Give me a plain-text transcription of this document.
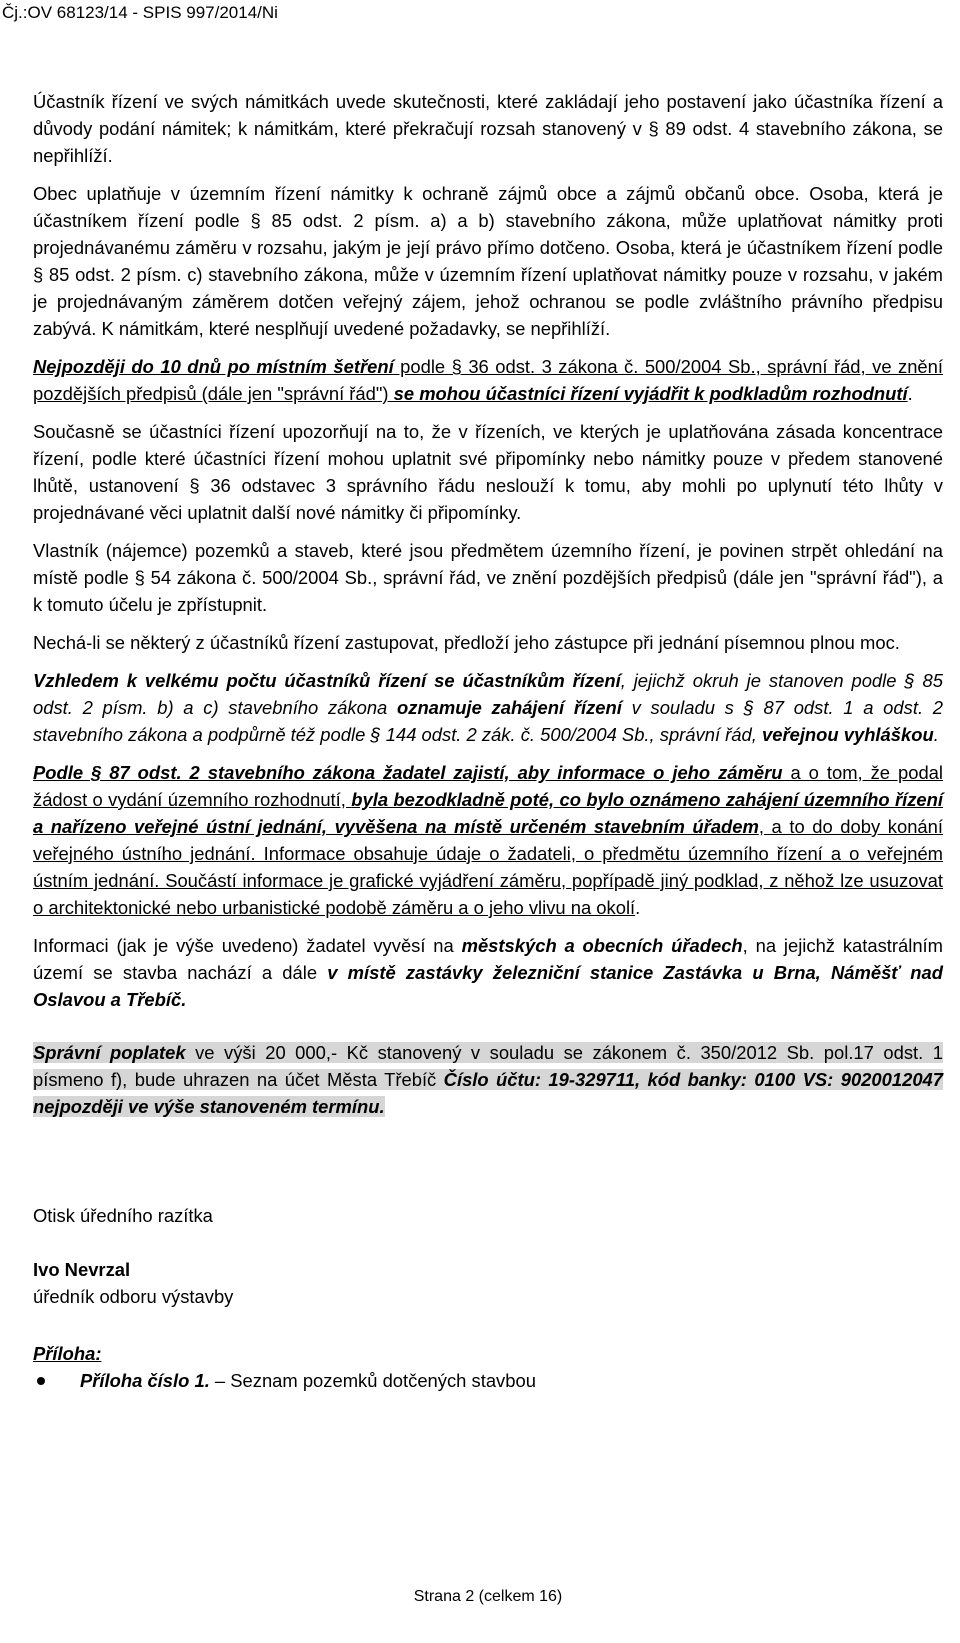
Čj.:OV 68123/14 - SPIS 997/2014/Ni

Účastník řízení ve svých námitkách uvede skutečnosti, které zakládají jeho postavení jako účastníka řízení a důvody podání námitek; k námitkám, které překračují rozsah stanovený v § 89 odst. 4 stavebního zákona, se nepřihlíží.

Obec uplatňuje v územním řízení námitky k ochraně zájmů obce a zájmů občanů obce. Osoba, která je účastníkem řízení podle § 85 odst. 2 písm. a) a b) stavebního zákona, může uplatňovat námitky proti projednávanému záměru v rozsahu, jakým je její právo přímo dotčeno. Osoba, která je účastníkem řízení podle § 85 odst. 2 písm. c) stavebního zákona, může v územním řízení uplatňovat námitky pouze v rozsahu, v jakém je projednávaným záměrem dotčen veřejný zájem, jehož ochranou se podle zvláštního právního předpisu zabývá. K námitkám, které nesplňují uvedené požadavky, se nepřihlíží.

Nejpozději do 10 dnů po místním šetření podle § 36 odst. 3 zákona č. 500/2004 Sb., správní řád, ve znění pozdějších předpisů (dále jen "správní řád") se mohou účastníci řízení vyjádřit k podkladům rozhodnutí.

Současně se účastníci řízení upozorňují na to, že v řízeních, ve kterých je uplatňována zásada koncentrace řízení, podle které účastníci řízení mohou uplatnit své připomínky nebo námitky pouze v předem stanovené lhůtě, ustanovení § 36 odstavec 3 správního řádu neslouží k tomu, aby mohli po uplynutí této lhůty v projednávané věci uplatnit další nové námitky či připomínky.

Vlastník (nájemce) pozemků a staveb, které jsou předmětem územního řízení, je povinen strpět ohledání na místě podle § 54 zákona č. 500/2004 Sb., správní řád, ve znění pozdějších předpisů (dále jen "správní řád"), a k tomuto účelu je zpřístupnit.

Nechá-li se některý z účastníků řízení zastupovat, předloží jeho zástupce při jednání písemnou plnou moc.

Vzhledem k velkému počtu účastníků řízení se účastníkům řízení, jejichž okruh je stanoven podle § 85 odst. 2 písm. b) a c) stavebního zákona oznamuje zahájení řízení v souladu s § 87 odst. 1 a odst. 2 stavebního zákona a podpůrně též podle § 144 odst. 2 zák. č. 500/2004 Sb., správní řád, veřejnou vyhláškou.

Podle § 87 odst. 2 stavebního zákona žadatel zajistí, aby informace o jeho záměru a o tom, že podal žádost o vydání územního rozhodnutí, byla bezodkladně poté, co bylo oznámeno zahájení územního řízení a nařízeno veřejné ústní jednání, vyvěšena na místě určeném stavebním úřadem, a to do doby konání veřejného ústního jednání. Informace obsahuje údaje o žadateli, o předmětu územního řízení a o veřejném ústním jednání. Součástí informace je grafické vyjádření záměru, popřípadě jiný podklad, z něhož lze usuzovat o architektonické nebo urbanistické podobě záměru a o jeho vlivu na okolí.

Informaci (jak je výše uvedeno) žadatel vyvěsí na městských a obecních úřadech, na jejichž katastrálním území se stavba nachází a dále v místě zastávky železniční stanice Zastávka u Brna, Náměšť nad Oslavou a Třebíč.

Správní poplatek ve výši 20 000,- Kč stanovený v souladu se zákonem č. 350/2012 Sb. pol.17 odst. 1 písmeno f), bude uhrazen na účet Města Třebíč Číslo účtu: 19-329711, kód banky: 0100 VS: 9020012047 nejpozději ve výše stanoveném termínu.

Otisk úředního razítka
Ivo Nevrzal
úředník odboru výstavby
Příloha:
Příloha číslo 1. – Seznam pozemků dotčených stavbou
Strana 2 (celkem 16)
